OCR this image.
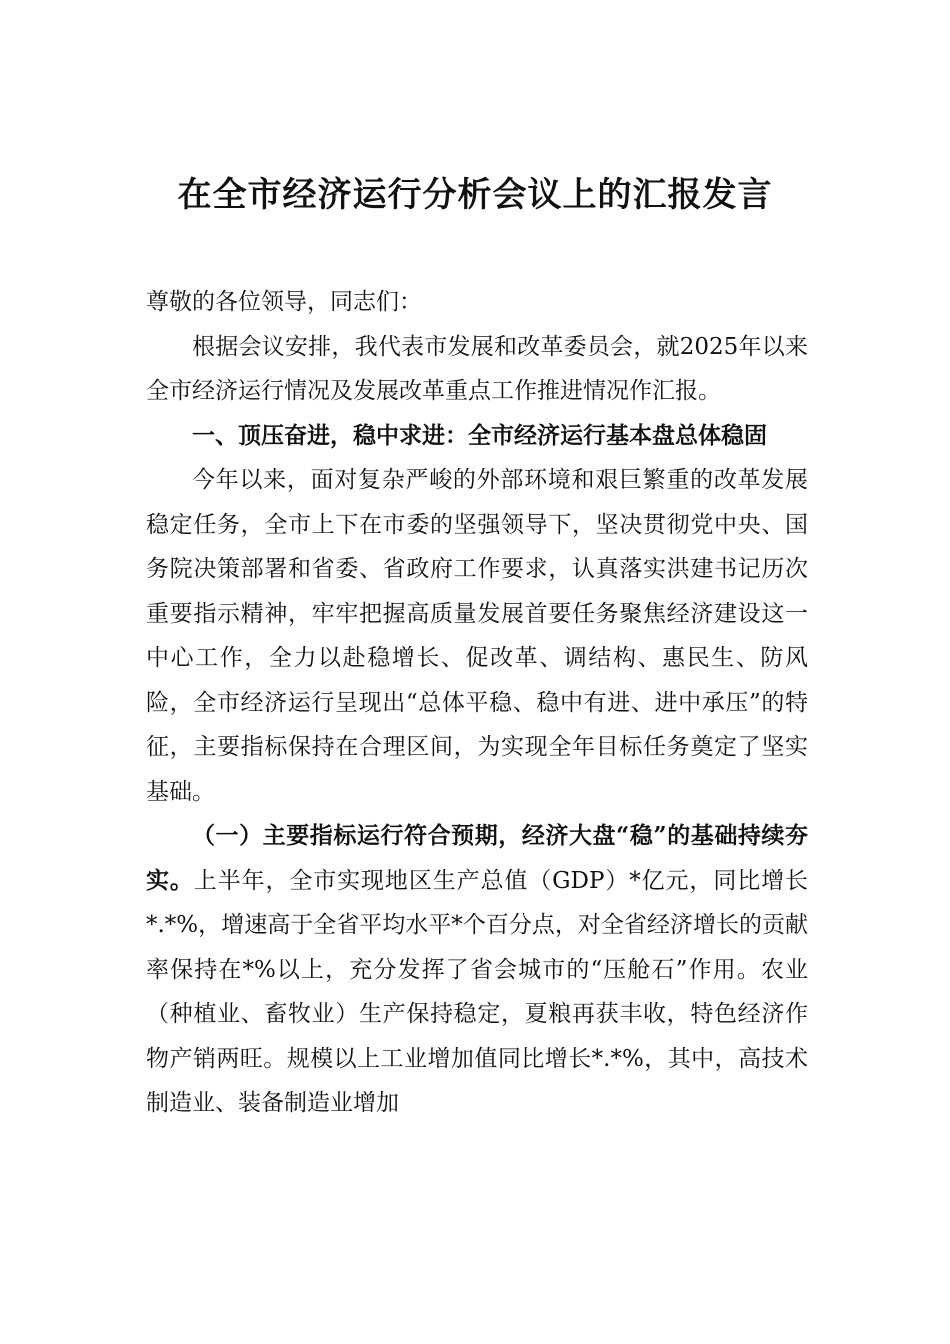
在全市经济运行分析会议上的汇报发言

尊敬的各位领导，同志们：

根据会议安排，我代表市发展和改革委员会，就2025年以来全市经济运行情况及发展改革重点工作推进情况作汇报。

一、顶压奋进，稳中求进：全市经济运行基本盘总体稳固

今年以来，面对复杂严峻的外部环境和艰巨繁重的改革发展稳定任务，全市上下在市委的坚强领导下，坚决贯彻党中央、国务院决策部署和省委、省政府工作要求，认真落实洪建书记历次重要指示精神，牢牢把握高质量发展首要任务聚焦经济建设这一中心工作，全力以赴稳增长、促改革、调结构、惠民生、防风险，全市经济运行呈现出“总体平稳、稳中有进、进中承压”的特征，主要指标保持在合理区间，为实现全年目标任务奠定了坚实基础。

（一）主要指标运行符合预期，经济大盘“稳”的基础持续夯实。上半年，全市实现地区生产总值（GDP）*亿元，同比增长*.*%，增速高于全省平均水平*个百分点，对全省经济增长的贡献率保持在*%以上，充分发挥了省会城市的“压舱石”作用。农业（种植业、畜牧业）生产保持稳定，夏粮再获丰收，特色经济作物产销两旺。规模以上工业增加值同比增长*.*%，其中，高技术制造业、装备制造业增加
